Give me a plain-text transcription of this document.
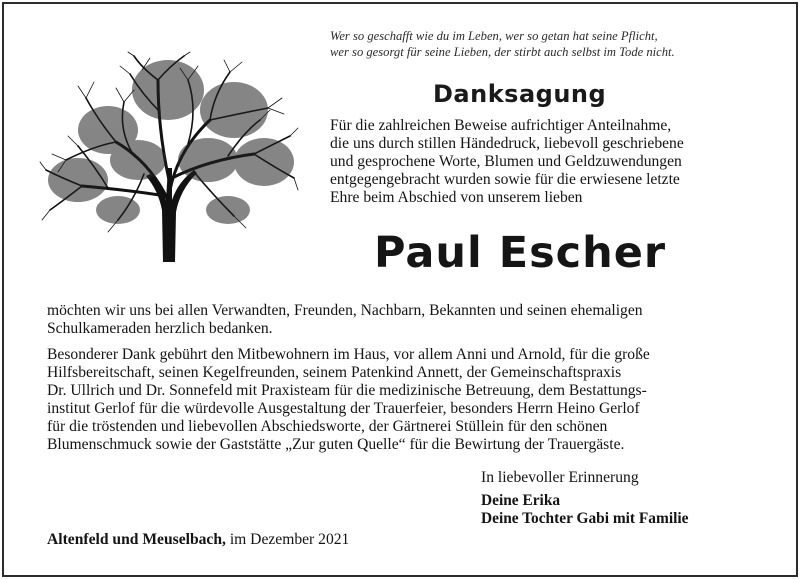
Wer so geschafft wie du im Leben, wer so getan hat seine Pflicht,
wer so gesorgt für seine Lieben, der stirbt auch selbst im Tode nicht.
Danksagung
Für die zahlreichen Beweise aufrichtiger Anteilnahme,
die uns durch stillen Händedruck, liebevoll geschriebene
und gesprochene Worte, Blumen und Geldzuwendungen
entgegengebracht wurden sowie für die erwiesene letzte
Ehre beim Abschied von unserem lieben
Paul Escher
möchten wir uns bei allen Verwandten, Freunden, Nachbarn, Bekannten und seinen ehemaligen
Schulkameraden herzlich bedanken.
Besonderer Dank gebührt den Mitbewohnern im Haus, vor allem Anni und Arnold, für die große
Hilfsbereitschaft, seinen Kegelfreunden, seinem Patenkind Annett, der Gemeinschaftspraxis
Dr. Ullrich und Dr. Sonnefeld mit Praxisteam für die medizinische Betreuung, dem Bestattungs-
institut Gerlof für die würdevolle Ausgestaltung der Trauerfeier, besonders Herrn Heino Gerlof
für die tröstenden und liebevollen Abschiedsworte, der Gärtnerei Stüllein für den schönen
Blumenschmuck sowie der Gaststätte „Zur guten Quelle“ für die Bewirtung der Trauergäste.
In liebevoller Erinnerung
Deine Erika
Deine Tochter Gabi mit Familie
Altenfeld und Meuselbach, im Dezember 2021
